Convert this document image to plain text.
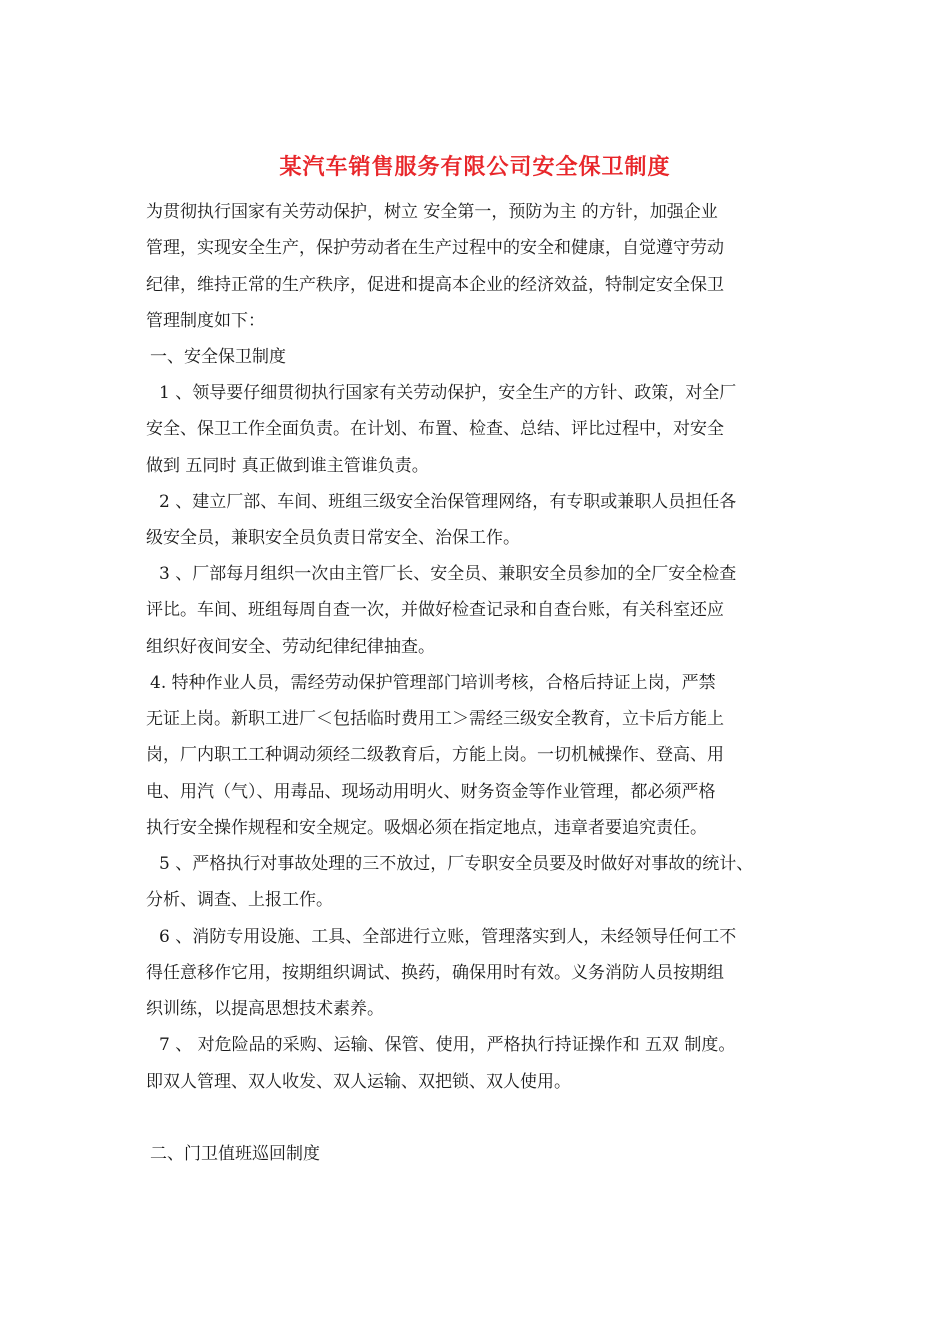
某汽车销售服务有限公司安全保卫制度

为贯彻执行国家有关劳动保护，树立 安全第一，预防为主 的方针，加强企业

管理，实现安全生产，保护劳动者在生产过程中的安全和健康，自觉遵守劳动

纪律，维持正常的生产秩序，促进和提高本企业的经济效益，特制定安全保卫

管理制度如下：

一、安全保卫制度

1 、领导要仔细贯彻执行国家有关劳动保护，安全生产的方针、政策，对全厂

安全、保卫工作全面负责。在计划、布置、检查、总结、评比过程中，对安全

做到 五同时 真正做到谁主管谁负责。

2 、建立厂部、车间、班组三级安全治保管理网络，有专职或兼职人员担任各

级安全员，兼职安全员负责日常安全、治保工作。

3 、厂部每月组织一次由主管厂长、安全员、兼职安全员参加的全厂安全检查

评比。车间、班组每周自查一次，并做好检查记录和自查台账，有关科室还应

组织好夜间安全、劳动纪律纪律抽查。

4. 特种作业人员，需经劳动保护管理部门培训考核，合格后持证上岗，严禁

无证上岗。新职工进厂＜包括临时费用工＞需经三级安全教育，立卡后方能上

岗，厂内职工工种调动须经二级教育后，方能上岗。一切机械操作、登高、用

电、用汽（气）、用毒品、现场动用明火、财务资金等作业管理，都必须严格

执行安全操作规程和安全规定。吸烟必须在指定地点，违章者要追究责任。

5 、严格执行对事故处理的三不放过，厂专职安全员要及时做好对事故的统计、

分析、调查、上报工作。

6 、消防专用设施、工具、全部进行立账，管理落实到人，未经领导任何工不

得任意移作它用，按期组织调试、换药，确保用时有效。义务消防人员按期组

织训练，以提高思想技术素养。

7 、 对危险品的采购、运输、保管、使用，严格执行持证操作和 五双 制度。

即双人管理、双人收发、双人运输、双把锁、双人使用。

二、门卫值班巡回制度
